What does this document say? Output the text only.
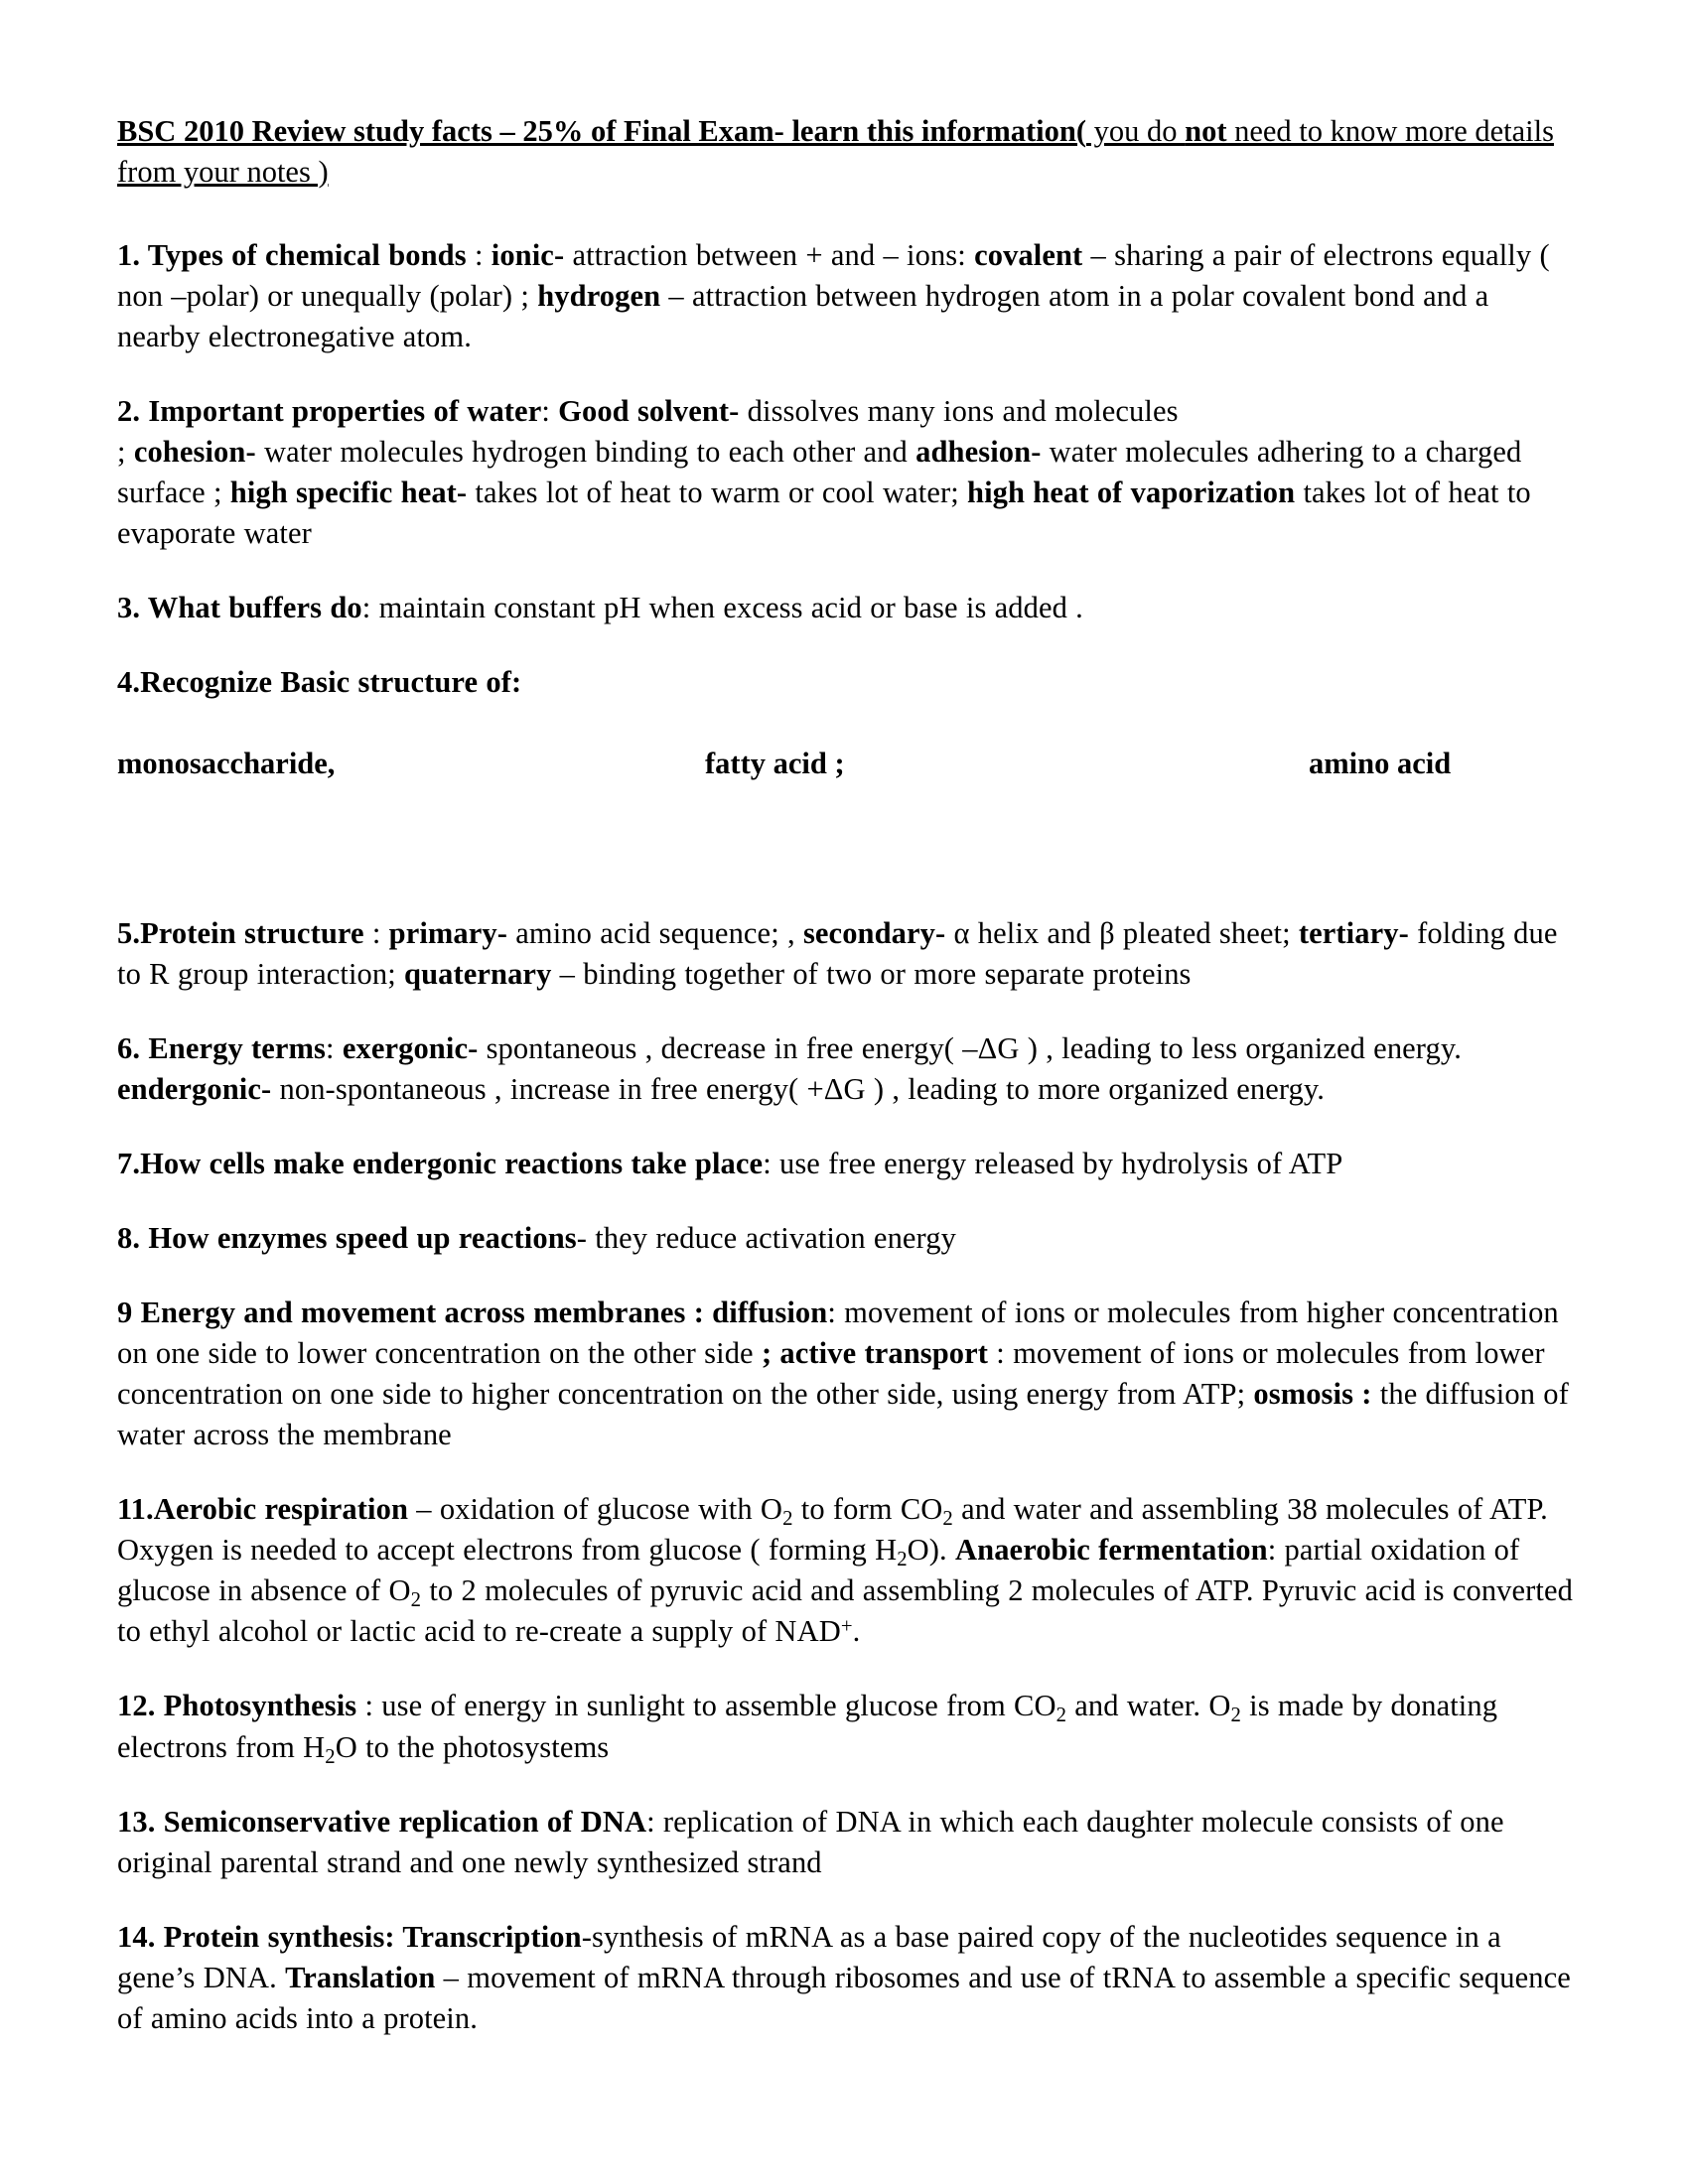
BSC 2010 Review study facts – 25% of Final Exam- learn this information( you do not need to know more details from your notes )

1. Types of chemical bonds : ionic- attraction between + and – ions: covalent – sharing a pair of electrons equally ( non –polar) or unequally (polar) ; hydrogen – attraction between hydrogen atom in a polar covalent bond and a nearby electronegative atom.

2. Important properties of water: Good solvent- dissolves many ions and molecules
; cohesion- water molecules hydrogen binding to each other and adhesion- water molecules adhering to a charged surface ; high specific heat- takes lot of heat to warm or cool water; high heat of vaporization takes lot of heat to evaporate water

3. What buffers do: maintain constant pH when excess acid or base is added .

4.Recognize Basic structure of:

monosaccharide,	fatty acid ;	amino acid

5.Protein structure : primary- amino acid sequence; , secondary- α helix and β pleated sheet; tertiary- folding due to R group interaction; quaternary – binding together of two or more separate proteins

6. Energy terms: exergonic- spontaneous , decrease in free energy( –ΔG ) , leading to less organized energy. endergonic- non-spontaneous , increase in free energy( +ΔG ) , leading to more organized energy.

7.How cells make endergonic reactions take place: use free energy released by hydrolysis of ATP

8. How enzymes speed up reactions- they reduce activation energy

9 Energy and movement across membranes : diffusion: movement of ions or molecules from higher concentration on one side to lower concentration on the other side ; active transport : movement of ions or molecules from lower concentration on one side to higher concentration on the other side, using energy from ATP; osmosis : the diffusion of water across the membrane

11.Aerobic respiration – oxidation of glucose with $O_2$ to form $CO_2$ and water and assembling 38 molecules of ATP. Oxygen is needed to accept electrons from glucose ( forming $H_2O$). Anaerobic fermentation: partial oxidation of glucose in absence of $O_2$ to 2 molecules of pyruvic acid and assembling 2 molecules of ATP. Pyruvic acid is converted to ethyl alcohol or lactic acid to re-create a supply of NAD+.

12. Photosynthesis : use of energy in sunlight to assemble glucose from $CO_2$ and water. $O_2$ is made by donating electrons from $H_2O$ to the photosystems

13. Semiconservative replication of DNA: replication of DNA in which each daughter molecule consists of one original parental strand and one newly synthesized strand

14. Protein synthesis: Transcription-synthesis of mRNA as a base paired copy of the nucleotides sequence in a gene’s DNA. Translation – movement of mRNA through ribosomes and use of tRNA to assemble a specific sequence of amino acids into a protein.
